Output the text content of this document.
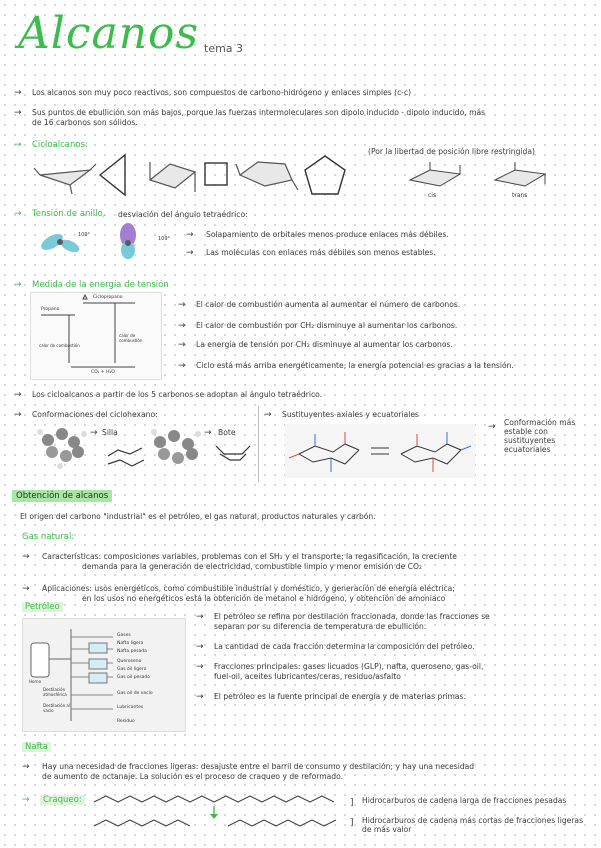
Alcanos tema 3
→ Los alcanos son muy poco reactivos, son compuestos de carbono-hidrógeno y enlaces simples (c-c)
→ Sus puntos de ebullición son más bajos, porque las fuerzas intermoleculares son dipolo inducido - dipolo inducido, más
de 16 carbonos son sólidos.
→ Cicloalcanos:
(Por la libertad de posición libre restringida)
cis	trans
→ Tensión de anillo, desviación del ángulo tetraédrico:
109°
109° → Solapamiento de orbitales menos produce enlaces más débiles.
→ Las moléculas con enlaces más débiles son menos estables.
→ Medida de la energía de tensión
Ciclopropano
Propano
calor de combustión
calor de combustión
CO₂ + H₂O
→ El calor de combustión aumenta al aumentar el número de carbonos.
→ El calor de combustión por CH₂ disminuye al aumentar los carbonos.
→ La energía de tensión por CH₂ disminuye al aumentar los carbonos.
→ Ciclo está más arriba energéticamente, la energía potencial es gracias a la tensión.
→ Los cicloalcanos a partir de los 5 carbonos se adoptan al ángulo tetraédrico.
→ Conformaciones del ciclohexano:
→ Silla	→ Bote
→ Sustituyentes axiales y ecuatoriales
→ Conformación más estable con sustituyentes ecuatoriales
Obtención de alcanos
El origen del carbono "industrial" es el petróleo, el gas natural, productos naturales y carbón.
Gas natural:
→ Características: composiciones variables, problemas con el SH₂ y el transporte; la regasificación, la creciente
demanda para la generación de electricidad, combustible limpio y menor emisión de CO₂
→ Aplicaciones: usos energéticos, como combustible industrial y doméstico, y generación de energía eléctrica;
en los usos no energéticos está la obtención de metanol e hidrógeno, y obtención de amoniaco
Petróleo
Horno
Destilación atmosférica
Destilación al vacío
Gases
Nafta ligera
Nafta pesada
Queroseno
Gas oil ligero
Gas oil pesado
Gas oil de vacío
Lubricantes
Residuo
→ El petróleo se refina por destilación fraccionada, donde las fracciones se
separan por su diferencia de temperatura de ebullición.
→ La cantidad de cada fracción determina la composición del petróleo.
→ Fracciones principales: gases licuados (GLP), nafta, queroseno, gas-oil,
fuel-oil, aceites lubricantes/ceras, residuo/asfalto
→ El petróleo es la fuente principal de energía y de materias primas.
Nafta
→ Hay una necesidad de fracciones ligeras: desajuste entre el barril de consumo y destilación; y hay una necesidad
de aumento de octanaje. La solución es el proceso de craqueo y de reformado.
→	Craqueo:	] Hidrocarburos de cadena larga de fracciones pesadas
] Hidrocarburos de cadena más cortas de fracciones ligeras de más valor
